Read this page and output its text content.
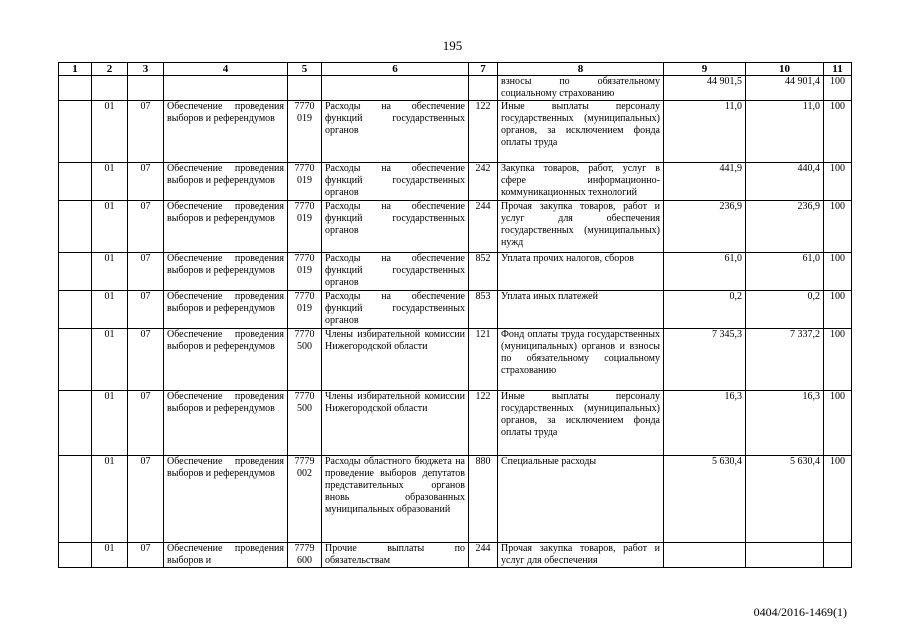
195
1	2	3	4	5	6	7	8	9	10	11
							взносы по обязательному социальному страхованию	44 901,5	44 901,4	100
	01	07	Обеспечение проведения выборов и референдумов	7770 019	Расходы на обеспечение функций государственных органов	122	Иные выплаты персоналу государственных (муниципальных) органов, за исключением фонда оплаты труда	11,0	11,0	100
	01	07	Обеспечение проведения выборов и референдумов	7770 019	Расходы на обеспечение функций государственных органов	242	Закупка товаров, работ, услуг в сфере информационно-коммуникационных технологий	441,9	440,4	100
	01	07	Обеспечение проведения выборов и референдумов	7770 019	Расходы на обеспечение функций государственных органов	244	Прочая закупка товаров, работ и услуг для обеспечения государственных (муниципальных) нужд	236,9	236,9	100
	01	07	Обеспечение проведения выборов и референдумов	7770 019	Расходы на обеспечение функций государственных органов	852	Уплата прочих налогов, сборов	61,0	61,0	100
	01	07	Обеспечение проведения выборов и референдумов	7770 019	Расходы на обеспечение функций государственных органов	853	Уплата иных платежей	0,2	0,2	100
	01	07	Обеспечение проведения выборов и референдумов	7770 500	Члены избирательной комиссии Нижегородской области	121	Фонд оплаты труда государственных (муниципальных) органов и взносы по обязательному социальному страхованию	7 345,3	7 337,2	100
	01	07	Обеспечение проведения выборов и референдумов	7770 500	Члены избирательной комиссии Нижегородской области	122	Иные выплаты персоналу государственных (муниципальных) органов, за исключением фонда оплаты труда	16,3	16,3	100
	01	07	Обеспечение проведения выборов и референдумов	7779 002	Расходы областного бюджета на проведение выборов депутатов представительных органов вновь образованных муниципальных образований	880	Специальные расходы	5 630,4	5 630,4	100
	01	07	Обеспечение проведения выборов и	7779 600	Прочие выплаты по обязательствам	244	Прочая закупка товаров, работ и услуг для обеспечения			
0404/2016-1469(1)
